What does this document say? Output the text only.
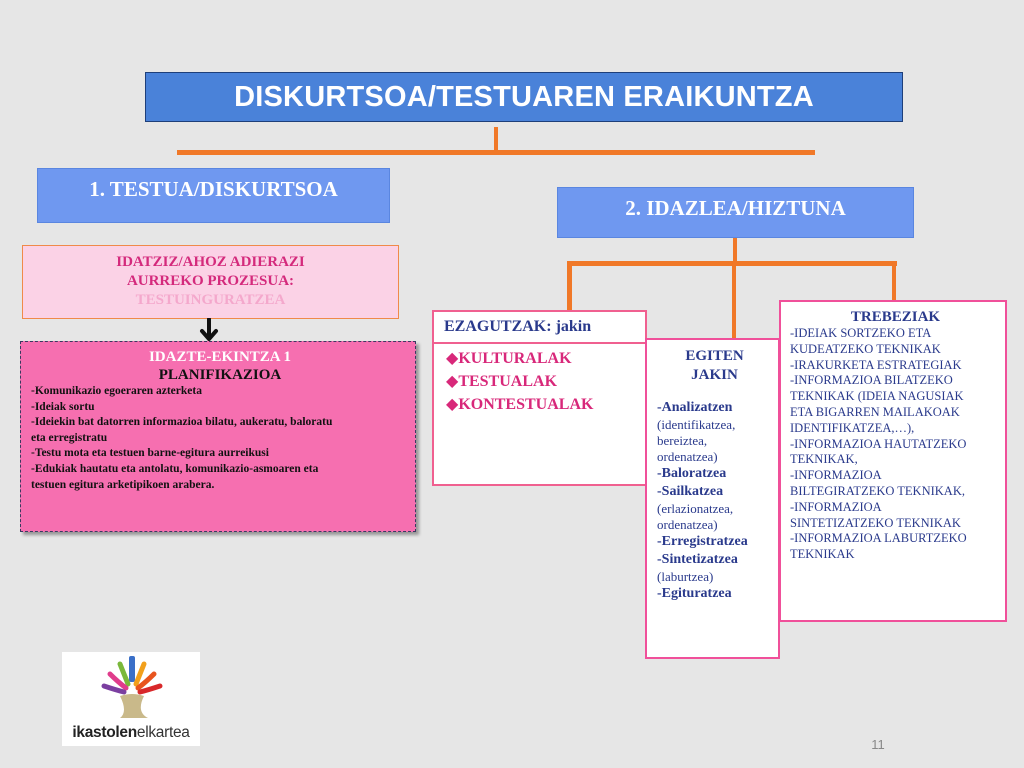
DISKURTSOA/TESTUAREN ERAIKUNTZA
1. TESTUA/DISKURTSOA
2. IDAZLEA/HIZTUNA
IDATZIZ/AHOZ ADIERAZI
AURREKO PROZESUA:
TESTUINGURATZEA
IDAZTE-EKINTZA 1
PLANIFIKAZIOA
-Komunikazio egoeraren azterketa
-Ideiak sortu
-Ideiekin bat datorren informazioa bilatu, aukeratu, baloratu
eta erregistratu
-Testu mota eta testuen barne-egitura aurreikusi
-Edukiak hautatu eta antolatu, komunikazio-asmoaren eta
testuen egitura arketipikoen arabera.
EZAGUTZAK: jakin
◆KULTURALAK
◆TESTUALAK
◆KONTESTUALAK
EGITEN
JAKIN
-Analizatzen
(identifikatzea,
bereiztea,
ordenatzea)
-Baloratzea
-Sailkatzea
(erlazionatzea,
ordenatzea)
-Erregistratzea
-Sintetizatzea
(laburtzea)
-Egituratzea
TREBEZIAK
-IDEIAK SORTZEKO ETA
KUDEATZEKO TEKNIKAK
-IRAKURKETA ESTRATEGIAK
-INFORMAZIOA BILATZEKO
TEKNIKAK (IDEIA NAGUSIAK
ETA BIGARREN MAILAKOAK
IDENTIFIKATZEA,…),
-INFORMAZIOA HAUTATZEKO
TEKNIKAK,
-INFORMAZIOA
BILTEGIRATZEKO TEKNIKAK,
-INFORMAZIOA
SINTETIZATZEKO TEKNIKAK
-INFORMAZIOA LABURTZEKO
TEKNIKAK
ikastolenelkartea
11
